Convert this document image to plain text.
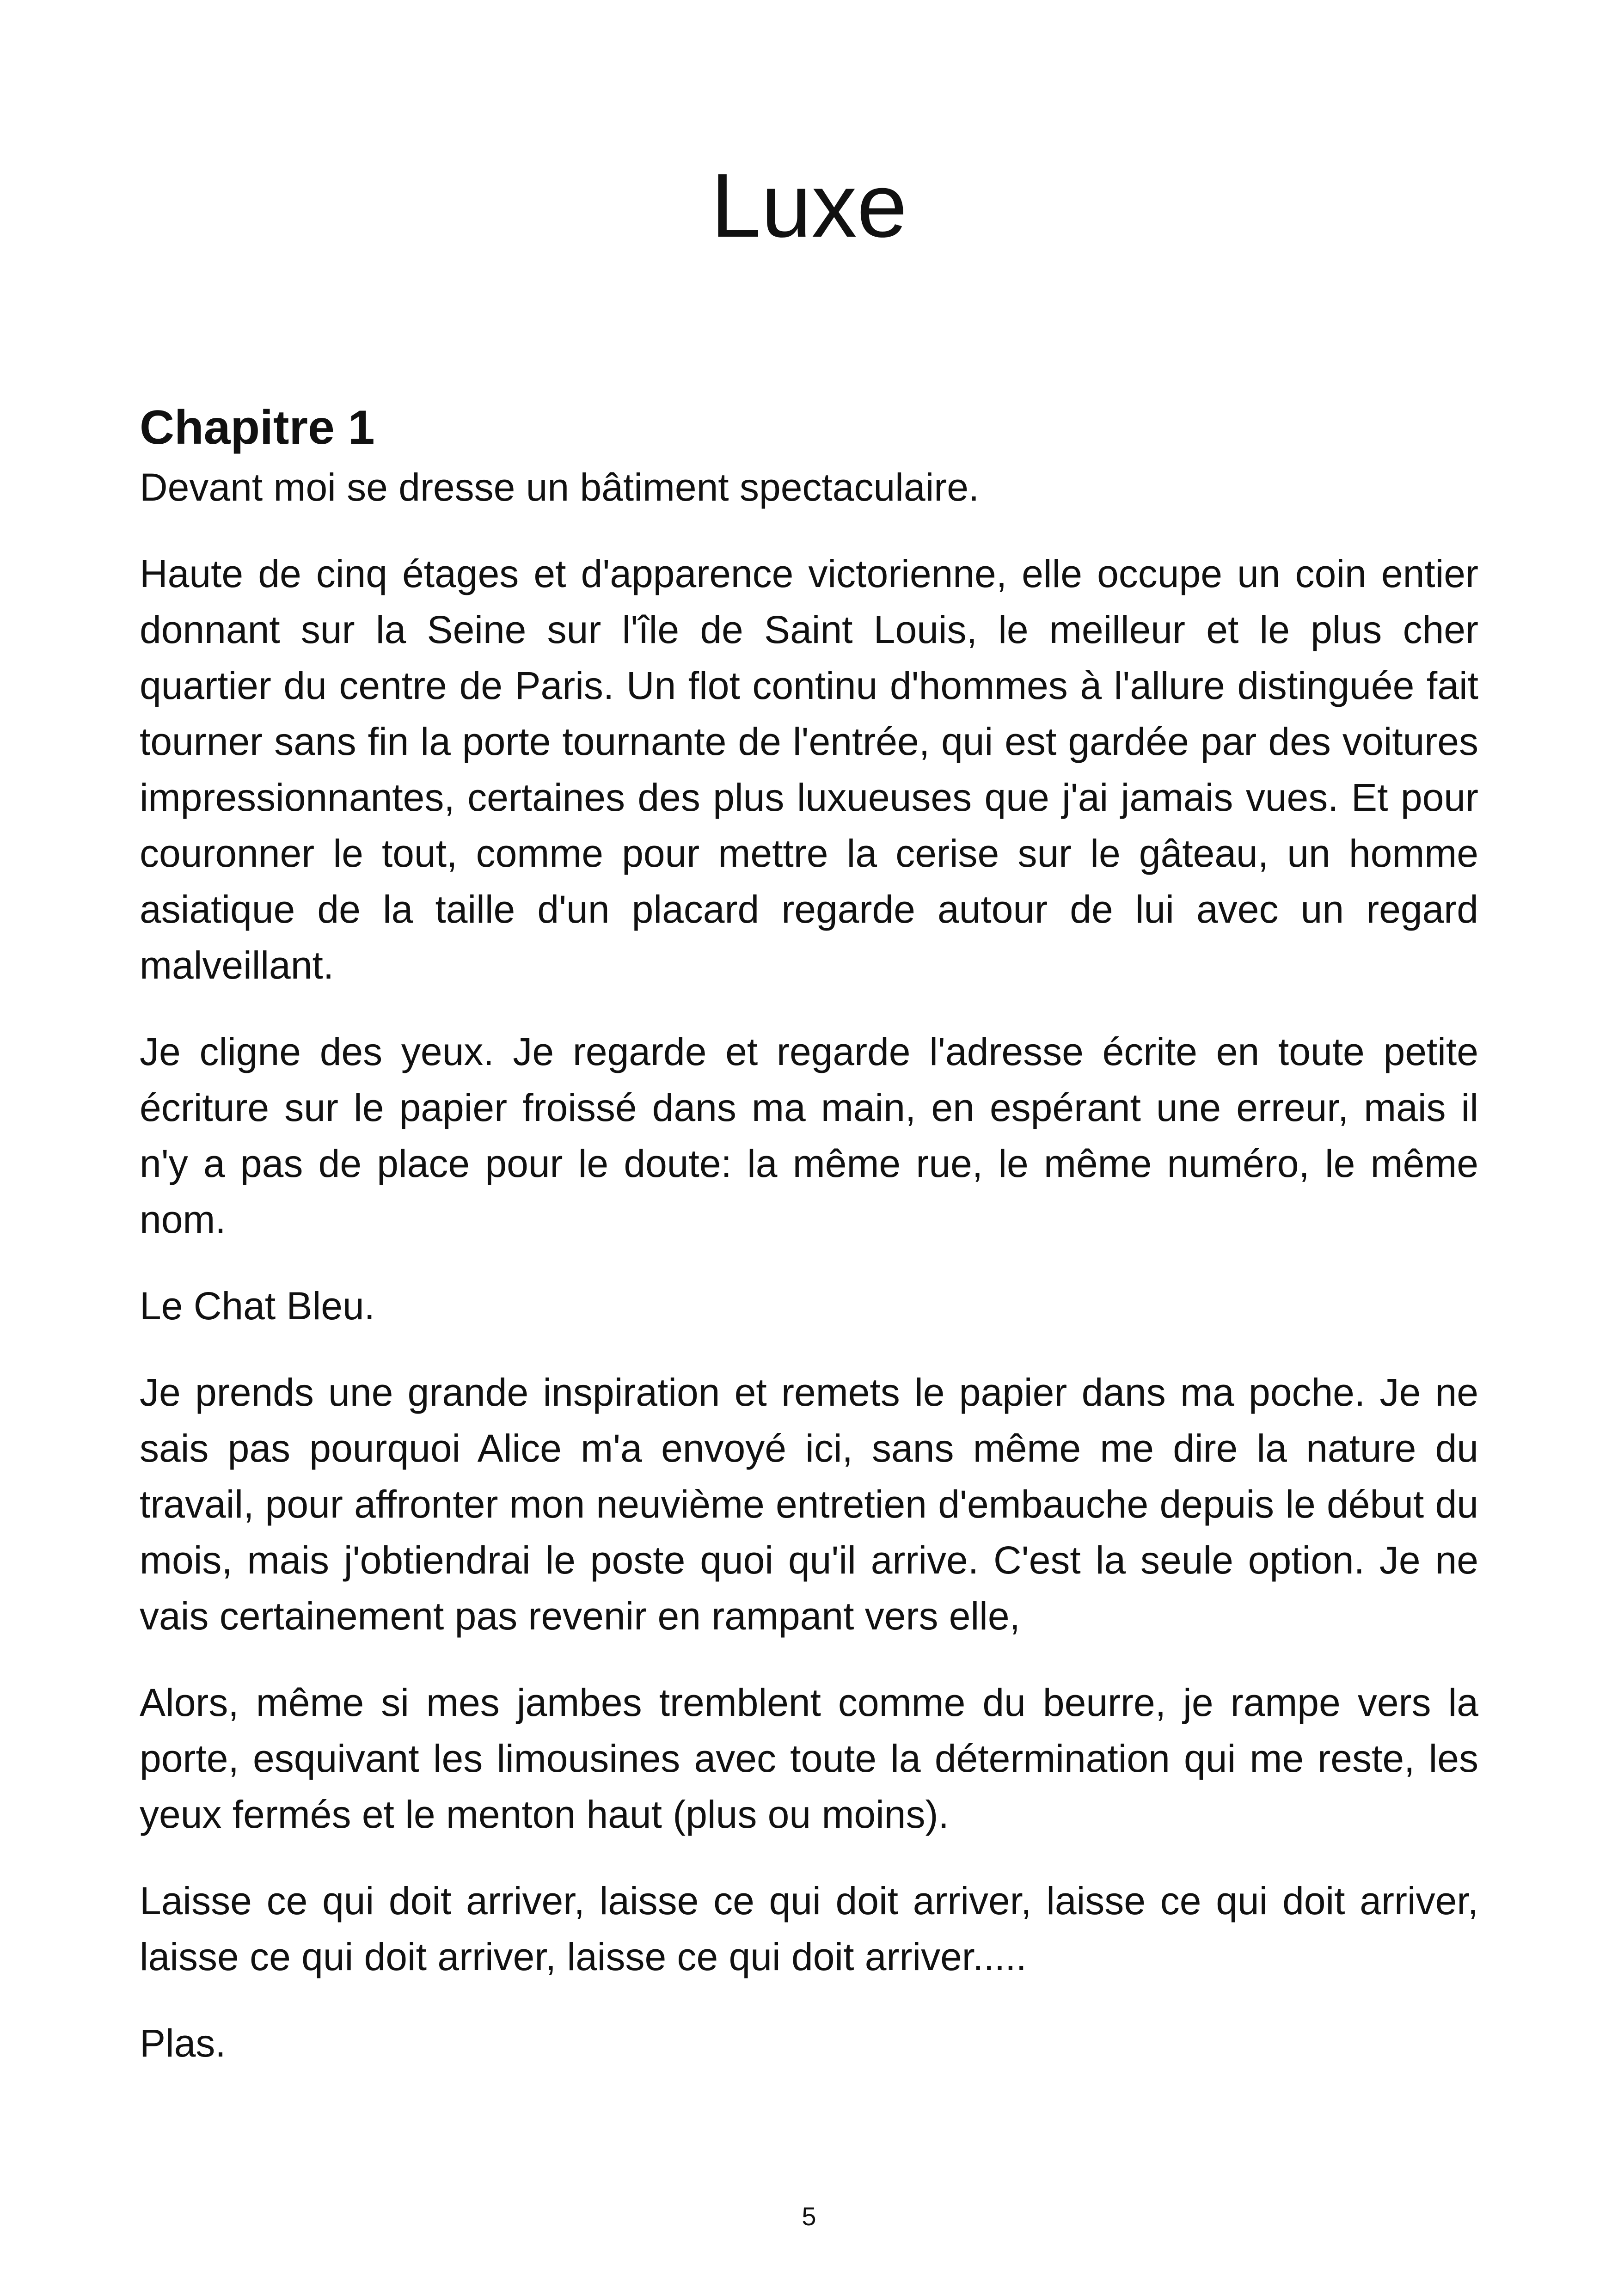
Luxe
Chapitre 1

Devant moi se dresse un bâtiment spectaculaire.

Haute de cinq étages et d'apparence victorienne, elle occupe un coin entier donnant sur la Seine sur l'île de Saint Louis, le meilleur et le plus cher quartier du centre de Paris. Un flot continu d'hommes à l'allure distinguée fait tourner sans fin la porte tournante de l'entrée, qui est gardée par des voitures impressionnantes, certaines des plus luxueuses que j'ai jamais vues. Et pour couronner le tout, comme pour mettre la cerise sur le gâteau, un homme asiatique de la taille d'un placard regarde autour de lui avec un regard malveillant.

Je cligne des yeux. Je regarde et regarde l'adresse écrite en toute petite écriture sur le papier froissé dans ma main, en espérant une erreur, mais il n'y a pas de place pour le doute: la même rue, le même numéro, le même nom.

Le Chat Bleu.

Je prends une grande inspiration et remets le papier dans ma poche. Je ne sais pas pourquoi Alice m'a envoyé ici, sans même me dire la nature du travail, pour affronter mon neuvième entretien d'embauche depuis le début du mois, mais j'obtiendrai le poste quoi qu'il arrive. C'est la seule option. Je ne vais certainement pas revenir en rampant vers elle,

Alors, même si mes jambes tremblent comme du beurre, je rampe vers la porte, esquivant les limousines avec toute la détermination qui me reste, les yeux fermés et le menton haut (plus ou moins).

Laisse ce qui doit arriver, laisse ce qui doit arriver, laisse ce qui doit arriver, laisse ce qui doit arriver, laisse ce qui doit arriver.....

Plas.

5
